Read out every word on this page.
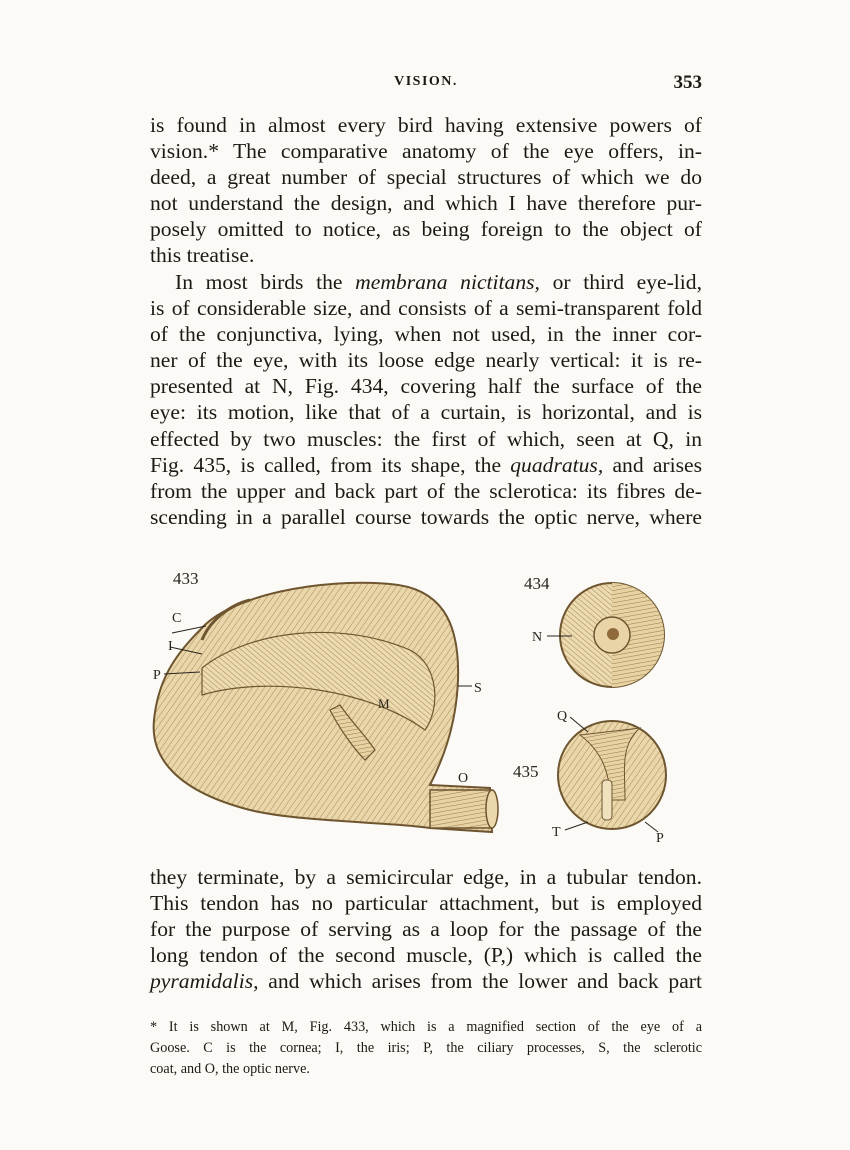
VISION.	353

is found in almost every bird having extensive powers of
vision.* The comparative anatomy of the eye offers, in-
deed, a great number of special structures of which we do
not understand the design, and which I have therefore pur-
posely omitted to notice, as being foreign to the object of
this treatise.

In most birds the membrana nictitans, or third eye-lid,
is of considerable size, and consists of a semi-transparent fold
of the conjunctiva, lying, when not used, in the inner cor-
ner of the eye, with its loose edge nearly vertical: it is re-
presented at N, Fig. 434, covering half the surface of the
eye: its motion, like that of a curtain, is horizontal, and is
effected by two muscles: the first of which, seen at Q, in
Fig. 435, is called, from its shape, the quadratus, and arises
from the upper and back part of the sclerotica: its fibres de-
scending in a parallel course towards the optic nerve, where

433
C
I
P
M
S
O
434
N
435
Q
T	P

they terminate, by a semicircular edge, in a tubular tendon.
This tendon has no particular attachment, but is employed
for the purpose of serving as a loop for the passage of the
long tendon of the second muscle, (P,) which is called the
pyramidalis, and which arises from the lower and back part

* It is shown at M, Fig. 433, which is a magnified section of the eye of a
Goose. C is the cornea; I, the iris; P, the ciliary processes, S, the sclerotic
coat, and O, the optic nerve.
